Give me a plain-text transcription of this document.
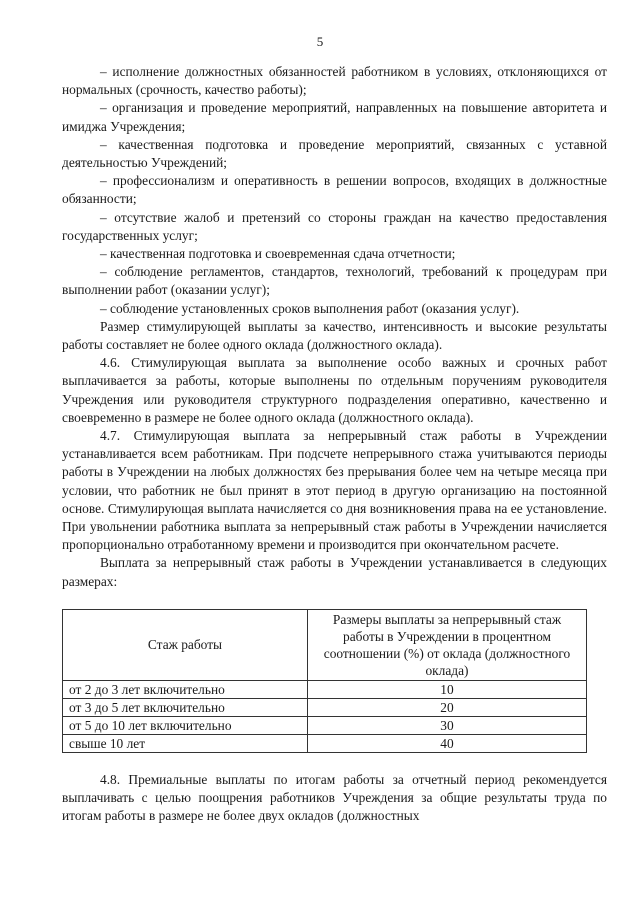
5

– исполнение должностных обязанностей работником в условиях, отклоняющихся от нормальных (срочность, качество работы);

– организация и проведение мероприятий, направленных на повышение авторитета и имиджа Учреждения;

– качественная подготовка и проведение мероприятий, связанных с уставной деятельностью Учреждений;

– профессионализм и оперативность в решении вопросов, входящих в должностные обязанности;

– отсутствие жалоб и претензий со стороны граждан на качество предоставления государственных услуг;

– качественная подготовка и своевременная сдача отчетности;

– соблюдение регламентов, стандартов, технологий, требований к процедурам при выполнении работ (оказании услуг);

– соблюдение установленных сроков выполнения работ (оказания услуг).

Размер стимулирующей выплаты за качество, интенсивность и высокие результаты работы составляет не более одного оклада (должностного оклада).

4.6. Стимулирующая выплата за выполнение особо важных и срочных работ выплачивается за работы, которые выполнены по отдельным поручениям руководителя Учреждения или руководителя структурного подразделения оперативно, качественно и своевременно в размере не более одного оклада (должностного оклада).

4.7. Стимулирующая выплата за непрерывный стаж работы в Учреждении устанавливается всем работникам. При подсчете непрерывного стажа учитываются периоды работы в Учреждении на любых должностях без прерывания более чем на четыре месяца при условии, что работник не был принят в этот период в другую организацию на постоянной основе. Стимулирующая выплата начисляется со дня возникновения права на ее установление. При увольнении работника выплата за непрерывный стаж работы в Учреждении начисляется пропорционально отработанному времени и производится при окончательном расчете.

Выплата за непрерывный стаж работы в Учреждении устанавливается в следующих размерах:

Стаж работы	Размеры выплаты за непрерывный стаж работы в Учреждении в процентном соотношении (%) от оклада (должностного оклада)
от 2 до 3 лет включительно	10
от 3 до 5 лет включительно	20
от 5 до 10 лет включительно	30
свыше 10 лет	40

4.8. Премиальные выплаты по итогам работы за отчетный период рекомендуется выплачивать с целью поощрения работников Учреждения за общие результаты труда по итогам работы в размере не более двух окладов (должностных
